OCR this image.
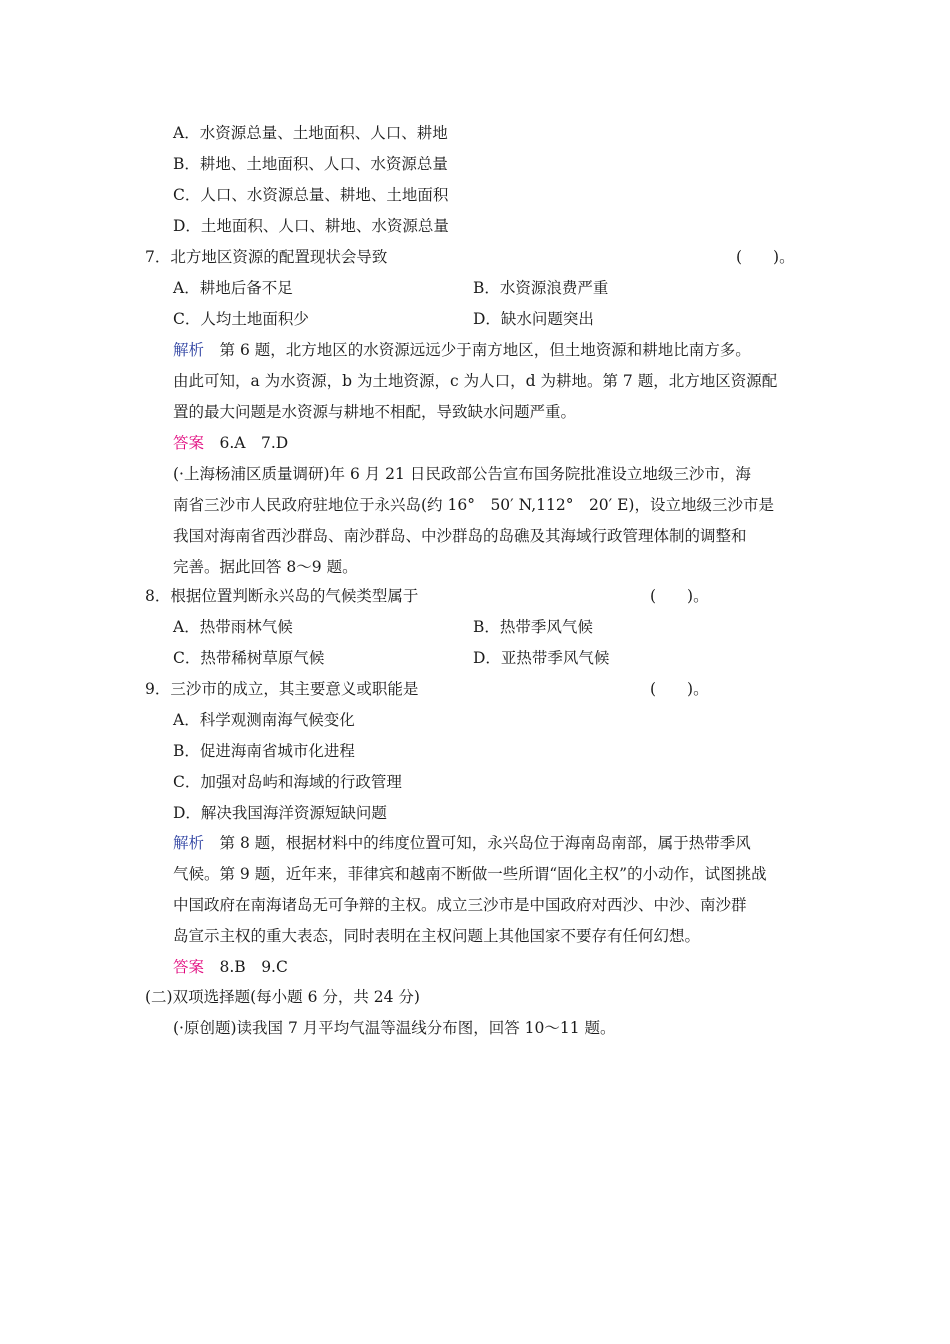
A．水资源总量、土地面积、人口、耕地
B．耕地、土地面积、人口、水资源总量
C．人口、水资源总量、耕地、土地面积
D．土地面积、人口、耕地、水资源总量
7．北方地区资源的配置现状会导致	(　　)。
A．耕地后备不足	B．水资源浪费严重
C．人均土地面积少	D．缺水问题突出
解析　第 6 题，北方地区的水资源远远少于南方地区，但土地资源和耕地比南方多。
由此可知，a 为水资源，b 为土地资源，c 为人口，d 为耕地。第 7 题，北方地区资源配
置的最大问题是水资源与耕地不相配，导致缺水问题严重。
答案　6.A　7.D
(·上海杨浦区质量调研)年 6 月 21 日民政部公告宣布国务院批准设立地级三沙市，海
南省三沙市人民政府驻地位于永兴岛(约 16°　50′ N,112°　20′ E)，设立地级三沙市是
我国对海南省西沙群岛、南沙群岛、中沙群岛的岛礁及其海域行政管理体制的调整和
完善。据此回答 8～9 题。
8．根据位置判断永兴岛的气候类型属于	(　　)。
A．热带雨林气候	B．热带季风气候
C．热带稀树草原气候	D．亚热带季风气候
9．三沙市的成立，其主要意义或职能是	(　　)。
A．科学观测南海气候变化
B．促进海南省城市化进程
C．加强对岛屿和海域的行政管理
D．解决我国海洋资源短缺问题
解析　第 8 题，根据材料中的纬度位置可知，永兴岛位于海南岛南部，属于热带季风
气候。第 9 题，近年来，菲律宾和越南不断做一些所谓“固化主权”的小动作，试图挑战
中国政府在南海诸岛无可争辩的主权。成立三沙市是中国政府对西沙、中沙、南沙群
岛宣示主权的重大表态，同时表明在主权问题上其他国家不要存有任何幻想。
答案　8.B　9.C
(二)双项选择题(每小题 6 分，共 24 分)
(·原创题)读我国 7 月平均气温等温线分布图，回答 10～11 题。
